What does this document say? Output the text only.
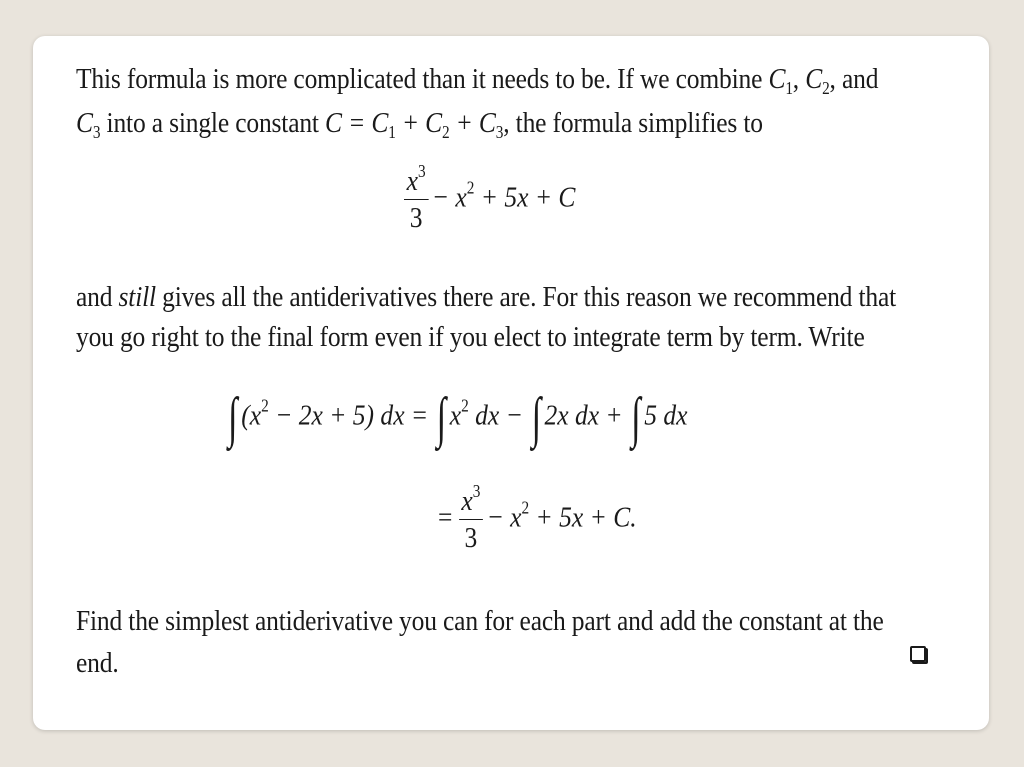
This formula is more complicated than it needs to be. If we combine $C_1$, $C_2$, and
$C_3$ into a single constant $C = C_1 + C_2 + C_3$, the formula simplifies to
$\frac{x^3}{3} - x^2 + 5x + C$
and still gives all the antiderivatives there are. For this reason we recommend that
you go right to the final form even if you elect to integrate term by term. Write
∫ $(x^2 - 2x + 5)$ dx = ∫ $x^2$ dx − ∫ 2x dx + ∫ 5 dx
= $\frac{x^3}{3} - x^2 + 5x + C$.
Find the simplest antiderivative you can for each part and add the constant at the
end.
